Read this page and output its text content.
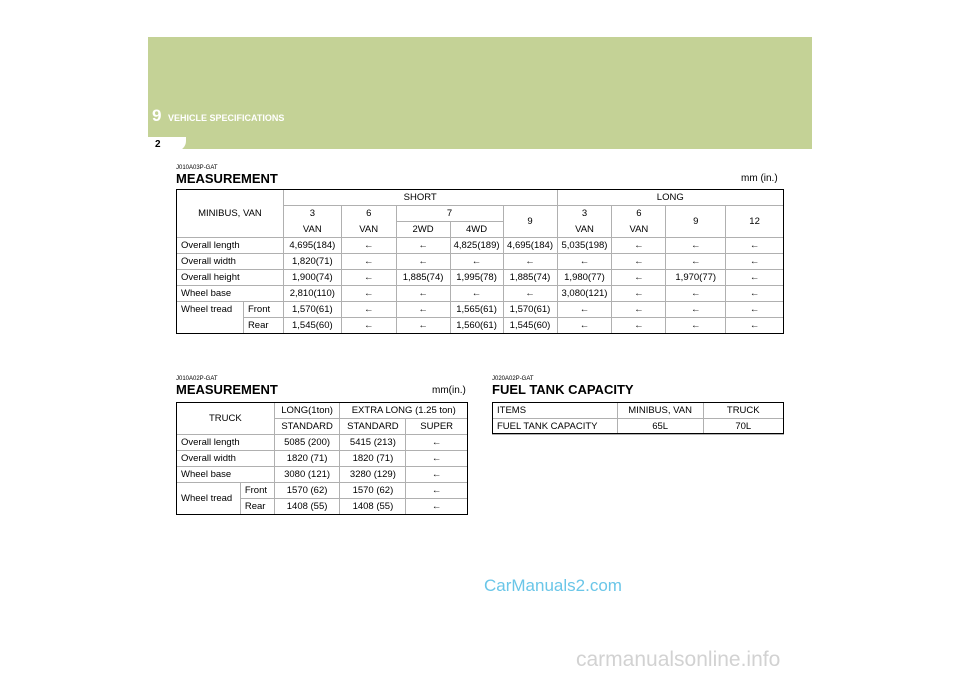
9 VEHICLE SPECIFICATIONS
2
J010A03P-GAT
MEASUREMENT	mm (in.)
MINIBUS, VAN		SHORT					LONG			
		3	6	7		9	3	6	9	12
		VAN	VAN	2WD	4WD		VAN	VAN		
Overall length		4,695(184)	←	←	4,825(189)	4,695(184)	5,035(198)	←	←	←
Overall width		1,820(71)	←	←	←	←	←	←	←	←
Overall height		1,900(74)	←	1,885(74)	1,995(78)	1,885(74)	1,980(77)	←	1,970(77)	←
Wheel base		2,810(110)	←	←	←	←	3,080(121)	←	←	←
Wheel tread	Front	1,570(61)	←	←	1,565(61)	1,570(61)	←	←	←	←
	Rear	1,545(60)	←	←	1,560(61)	1,545(60)	←	←	←	←
J010A02P-GAT
MEASUREMENT	mm(in.)
TRUCK		LONG(1ton)	EXTRA LONG (1.25 ton)	
		STANDARD	STANDARD	SUPER
Overall length		5085 (200)	5415 (213)	←
Overall width		1820 (71)	1820 (71)	←
Wheel base		3080 (121)	3280 (129)	←
Wheel tread	Front	1570 (62)	1570 (62)	←
	Rear	1408 (55)	1408 (55)	←
J020A02P-GAT
FUEL TANK CAPACITY
ITEMS	MINIBUS, VAN	TRUCK
FUEL TANK CAPACITY	65L	70L
CarManuals2.com
carmanualsonline.info
